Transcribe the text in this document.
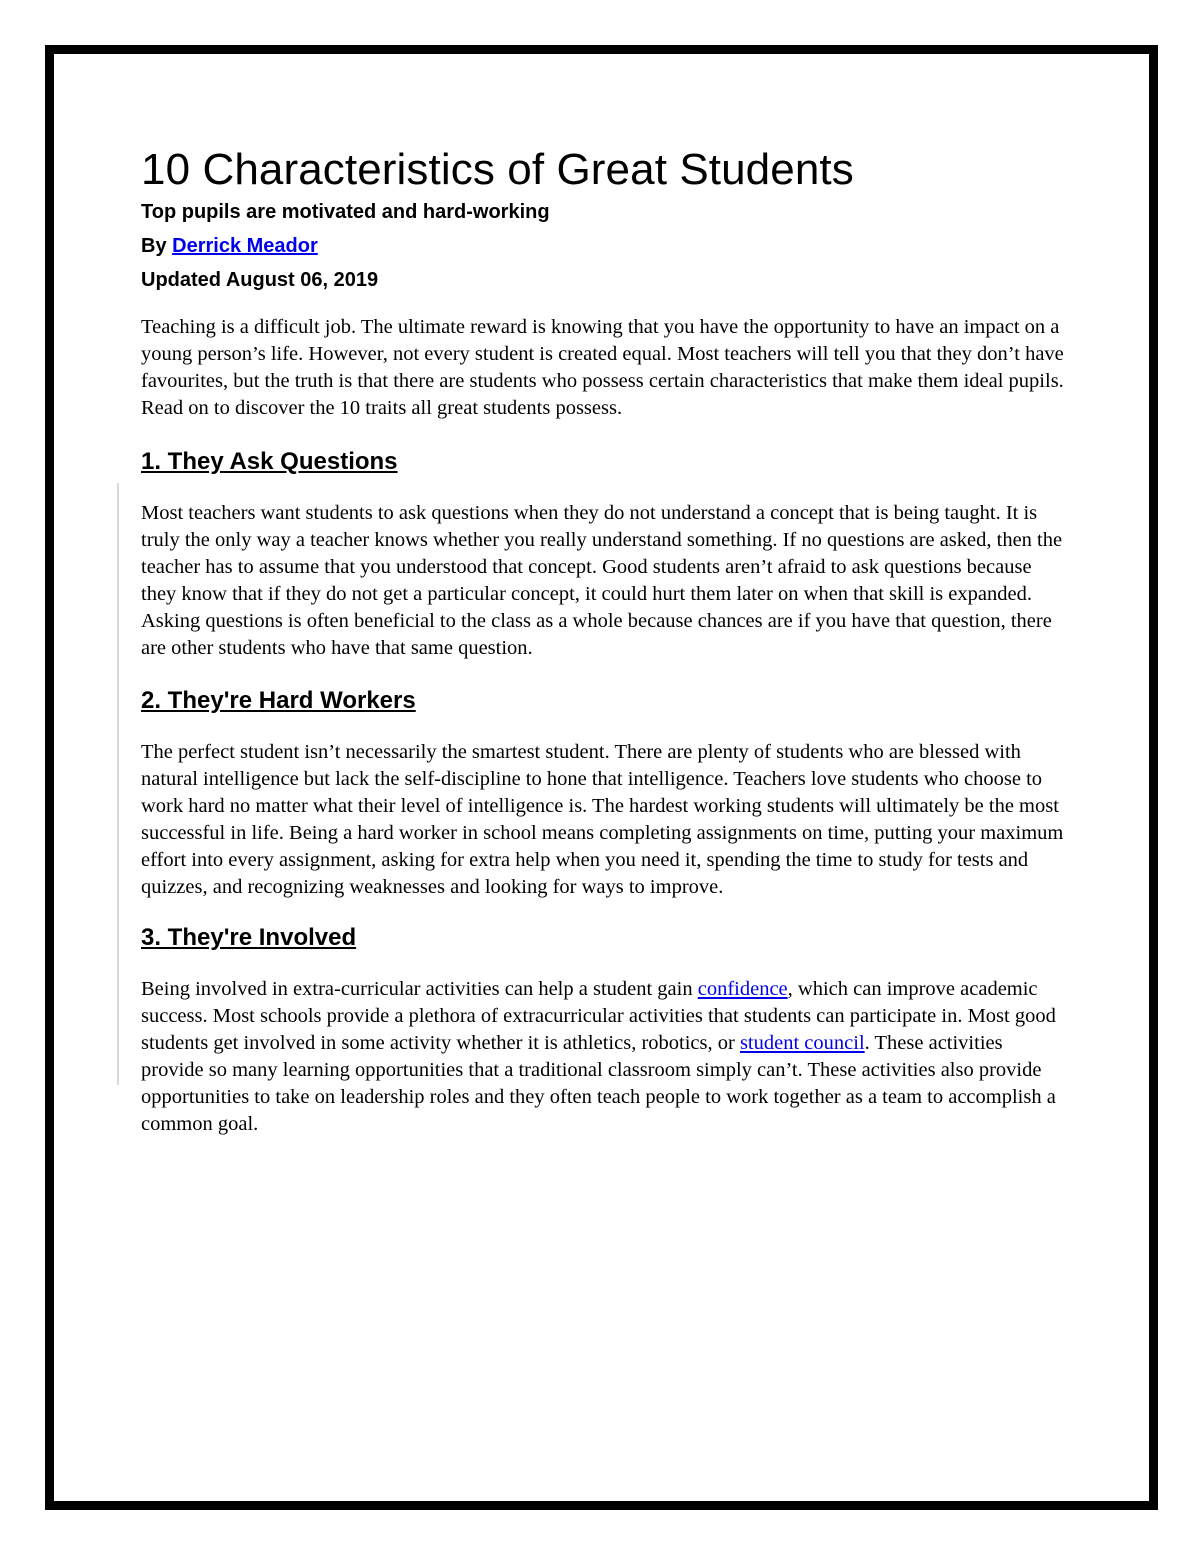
10 Characteristics of Great Students

Top pupils are motivated and hard-working

By Derrick Meador

Updated August 06, 2019

Teaching is a difficult job. The ultimate reward is knowing that you have the opportunity to have an impact on a young person’s life. However, not every student is created equal. Most teachers will tell you that they don’t have favourites, but the truth is that there are students who possess certain characteristics that make them ideal pupils. Read on to discover the 10 traits all great students possess.

1. They Ask Questions

Most teachers want students to ask questions when they do not understand a concept that is being taught. It is truly the only way a teacher knows whether you really understand something. If no questions are asked, then the teacher has to assume that you understood that concept. Good students aren’t afraid to ask questions because they know that if they do not get a particular concept, it could hurt them later on when that skill is expanded. Asking questions is often beneficial to the class as a whole because chances are if you have that question, there are other students who have that same question.

2. They're Hard Workers

The perfect student isn’t necessarily the smartest student. There are plenty of students who are blessed with natural intelligence but lack the self-discipline to hone that intelligence. Teachers love students who choose to work hard no matter what their level of intelligence is. The hardest working students will ultimately be the most successful in life. Being a hard worker in school means completing assignments on time, putting your maximum effort into every assignment, asking for extra help when you need it, spending the time to study for tests and quizzes, and recognizing weaknesses and looking for ways to improve.

3. They're Involved

Being involved in extra-curricular activities can help a student gain confidence, which can improve academic success. Most schools provide a plethora of extracurricular activities that students can participate in. Most good students get involved in some activity whether it is athletics, robotics, or student council. These activities provide so many learning opportunities that a traditional classroom simply can’t. These activities also provide opportunities to take on leadership roles and they often teach people to work together as a team to accomplish a common goal.
